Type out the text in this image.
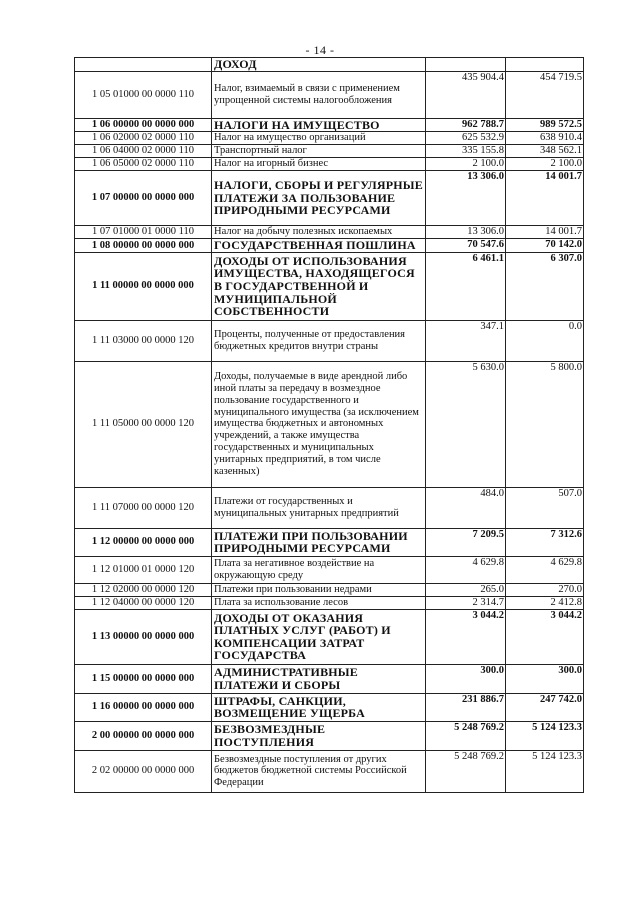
- 14 -
	ДОХОД		
1 05 01000 00 0000 110	Налог, взимаемый в связи с применением упрощенной системы налогообложения	435 904.4	454 719.5
1 06 00000 00 0000 000	НАЛОГИ НА ИМУЩЕСТВО	962 788.7	989 572.5
1 06 02000 02 0000 110	Налог на имущество организаций	625 532.9	638 910.4
1 06 04000 02 0000 110	Транспортный налог	335 155.8	348 562.1
1 06 05000 02 0000 110	Налог на игорный бизнес	2 100.0	2 100.0
1 07 00000 00 0000 000	НАЛОГИ, СБОРЫ И РЕГУЛЯРНЫЕ ПЛАТЕЖИ ЗА ПОЛЬЗОВАНИЕ ПРИРОДНЫМИ РЕСУРСАМИ	13 306.0	14 001.7
1 07 01000 01 0000 110	Налог на добычу полезных ископаемых	13 306.0	14 001.7
1 08 00000 00 0000 000	ГОСУДАРСТВЕННАЯ ПОШЛИНА	70 547.6	70 142.0
1 11 00000 00 0000 000	ДОХОДЫ ОТ ИСПОЛЬЗОВАНИЯ ИМУЩЕСТВА, НАХОДЯЩЕГОСЯ В ГОСУДАРСТВЕННОЙ И МУНИЦИПАЛЬНОЙ СОБСТВЕННОСТИ	6 461.1	6 307.0
1 11 03000 00 0000 120	Проценты, полученные от предоставления бюджетных кредитов внутри страны	347.1	0.0
1 11 05000 00 0000 120	Доходы, получаемые в виде арендной либо иной платы за передачу в возмездное пользование государственного и муниципального имущества (за исключением имущества бюджетных и автономных учреждений, а также имущества государственных и муниципальных унитарных предприятий, в том числе казенных)	5 630.0	5 800.0
1 11 07000 00 0000 120	Платежи от государственных и муниципальных унитарных предприятий	484.0	507.0
1 12 00000 00 0000 000	ПЛАТЕЖИ ПРИ ПОЛЬЗОВАНИИ ПРИРОДНЫМИ РЕСУРСАМИ	7 209.5	7 312.6
1 12 01000 01 0000 120	Плата за негативное воздействие на окружающую среду	4 629.8	4 629.8
1 12 02000 00 0000 120	Платежи при пользовании недрами	265.0	270.0
1 12 04000 00 0000 120	Плата за использование лесов	2 314.7	2 412.8
1 13 00000 00 0000 000	ДОХОДЫ ОТ ОКАЗАНИЯ ПЛАТНЫХ УСЛУГ (РАБОТ) И КОМПЕНСАЦИИ ЗАТРАТ ГОСУДАРСТВА	3 044.2	3 044.2
1 15 00000 00 0000 000	АДМИНИСТРАТИВНЫЕ ПЛАТЕЖИ И СБОРЫ	300.0	300.0
1 16 00000 00 0000 000	ШТРАФЫ, САНКЦИИ, ВОЗМЕЩЕНИЕ УЩЕРБА	231 886.7	247 742.0
2 00 00000 00 0000 000	БЕЗВОЗМЕЗДНЫЕ ПОСТУПЛЕНИЯ	5 248 769.2	5 124 123.3
2 02 00000 00 0000 000	Безвозмездные поступления от других бюджетов бюджетной системы Российской Федерации	5 248 769.2	5 124 123.3
